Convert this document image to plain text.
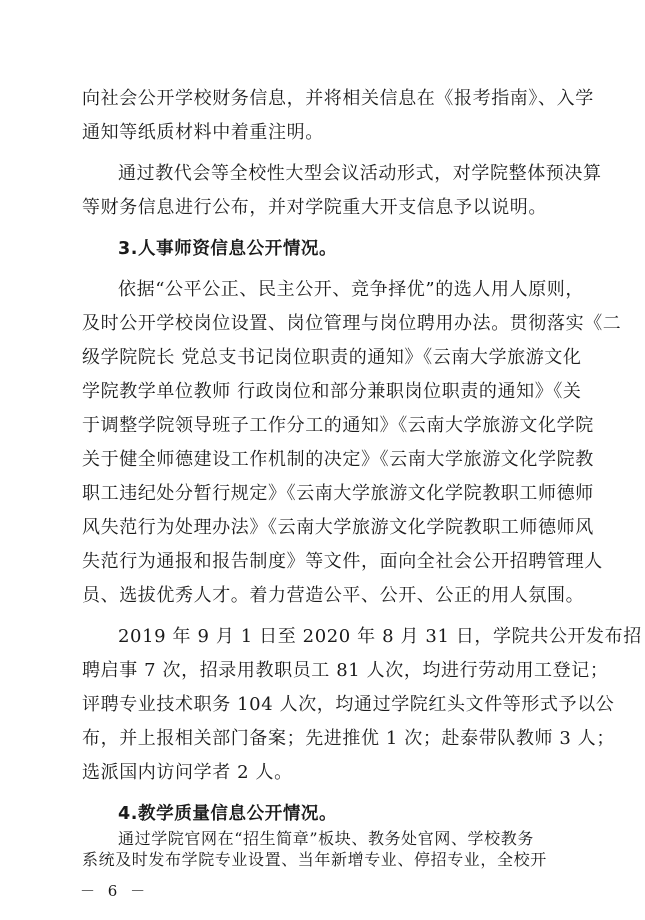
向社会公开学校财务信息，并将相关信息在《报考指南》、入学
通知等纸质材料中着重注明。
通过教代会等全校性大型会议活动形式，对学院整体预决算
等财务信息进行公布，并对学院重大开支信息予以说明。
3.人事师资信息公开情况。
依据“公平公正、民主公开、竞争择优”的选人用人原则，
及时公开学校岗位设置、岗位管理与岗位聘用办法。贯彻落实《二
级学院院长 党总支书记岗位职责的通知》《云南大学旅游文化
学院教学单位教师 行政岗位和部分兼职岗位职责的通知》《关
于调整学院领导班子工作分工的通知》《云南大学旅游文化学院
关于健全师德建设工作机制的决定》《云南大学旅游文化学院教
职工违纪处分暂行规定》《云南大学旅游文化学院教职工师德师
风失范行为处理办法》《云南大学旅游文化学院教职工师德师风
失范行为通报和报告制度》等文件，面向全社会公开招聘管理人
员、选拔优秀人才。着力营造公平、公开、公正的用人氛围。
2019 年 9 月 1 日至 2020 年 8 月 31 日，学院共公开发布招
聘启事 7 次，招录用教职员工 81 人次，均进行劳动用工登记；
评聘专业技术职务 104 人次，均通过学院红头文件等形式予以公
布，并上报相关部门备案；先进推优 1 次；赴泰带队教师 3 人；
选派国内访问学者 2 人。
4.教学质量信息公开情况。
－ 6 －
通过学院官网在“招生简章”板块、教务处官网、学校教务
系统及时发布学院专业设置、当年新增专业、停招专业，全校开
